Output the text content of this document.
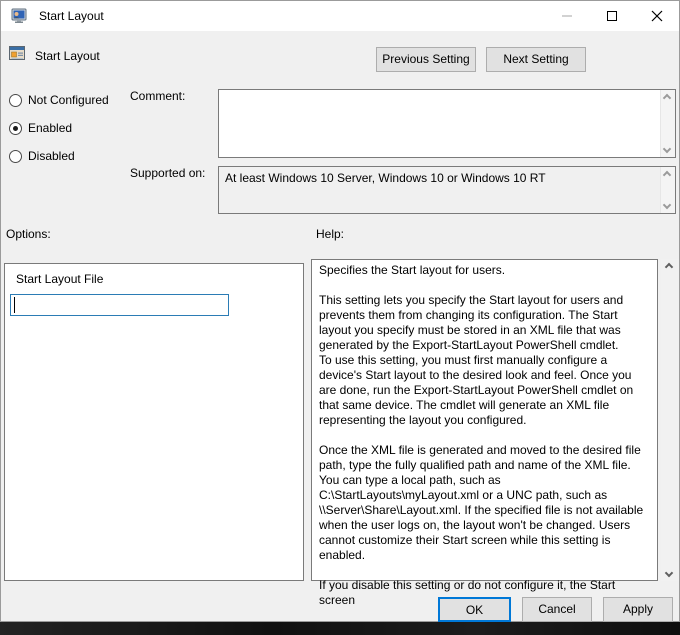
Start Layout
Start Layout	Previous Setting	Next Setting
Not Configured
Enabled
Disabled
Comment:
Supported on:	At least Windows 10 Server, Windows 10 or Windows 10 RT
Options:	Help:
Start Layout File

Specifies the Start layout for users.

This setting lets you specify the Start layout for users and prevents them from changing its configuration. The Start layout you specify must be stored in an XML file that was generated by the Export-StartLayout PowerShell cmdlet.

To use this setting, you must first manually configure a device's Start layout to the desired look and feel. Once you are done, run the Export-StartLayout PowerShell cmdlet on that same device. The cmdlet will generate an XML file representing the layout you configured.

Once the XML file is generated and moved to the desired file path, type the fully qualified path and name of the XML file. You can type a local path, such as C:\StartLayouts\myLayout.xml or a UNC path, such as \\Server\Share\Layout.xml. If the specified file is not available when the user logs on, the layout won't be changed. Users cannot customize their Start screen while this setting is enabled.

If you disable this setting or do not configure it, the Start screen

OK	Cancel	Apply
